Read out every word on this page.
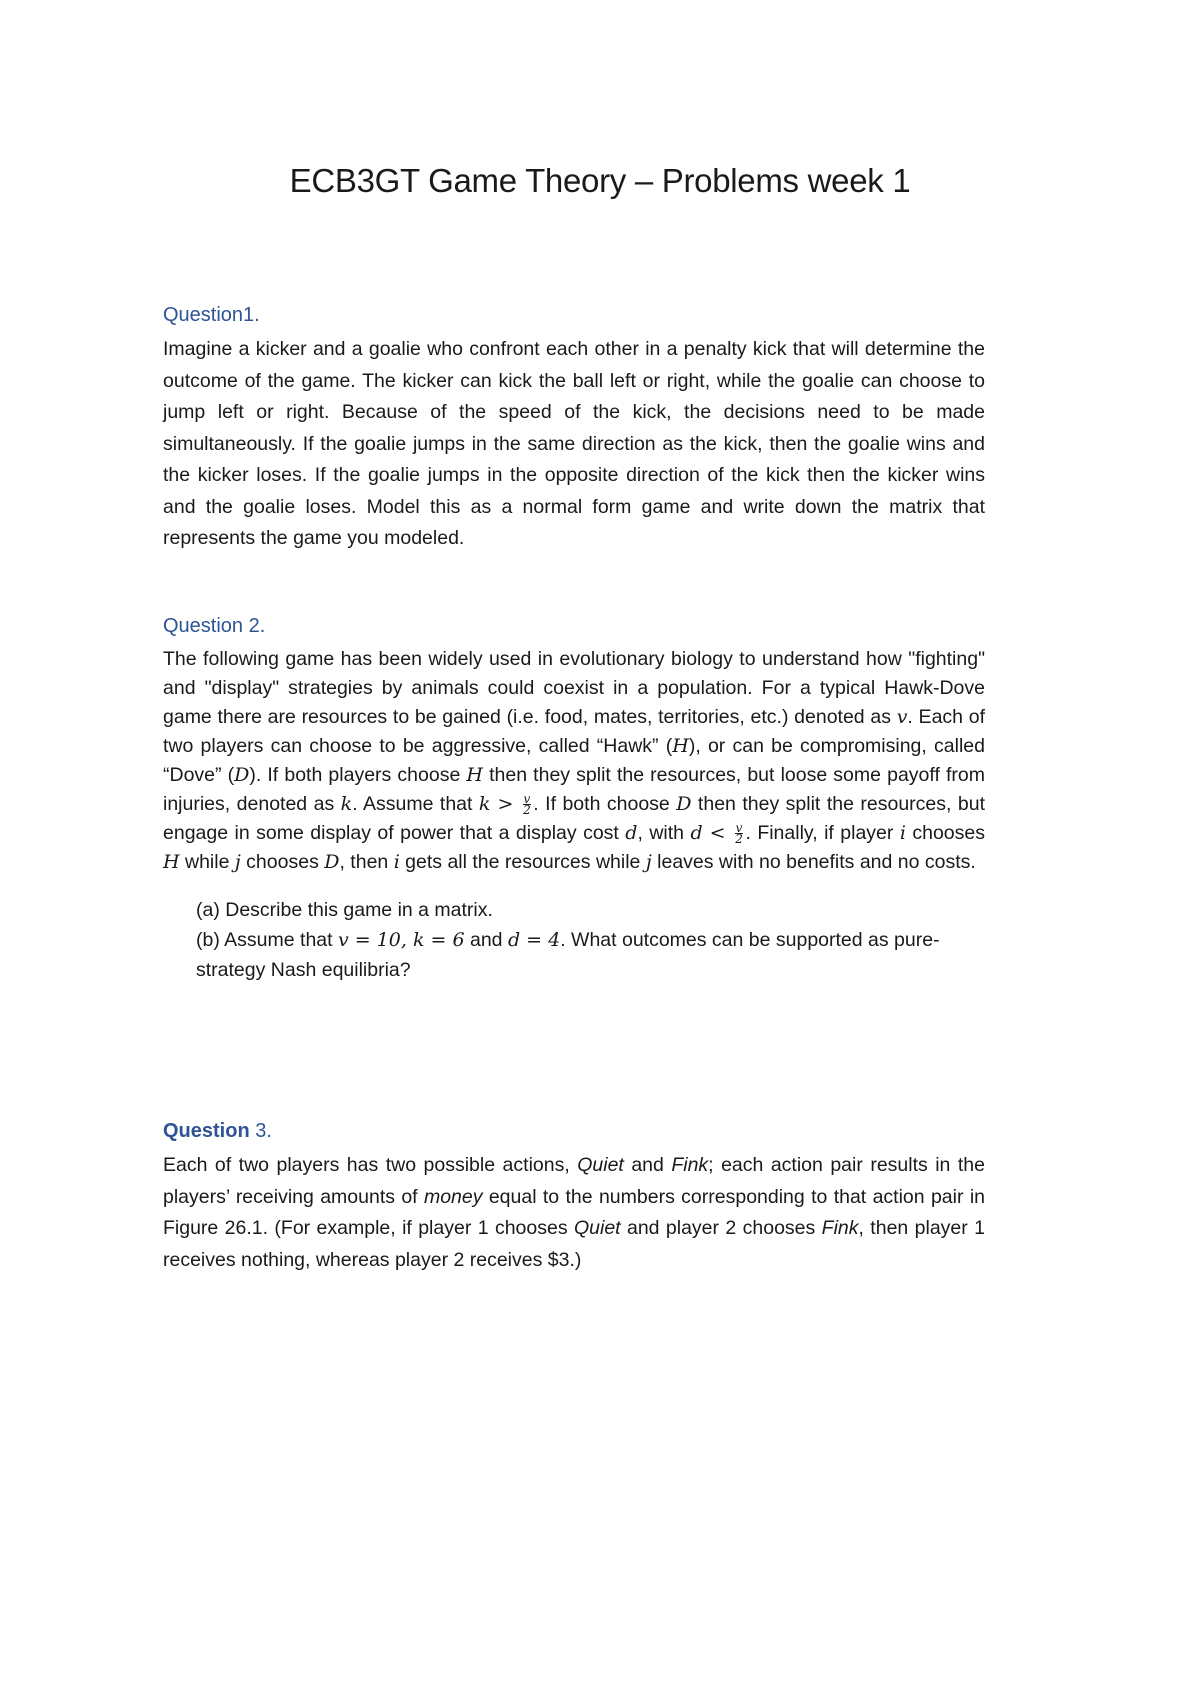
ECB3GT Game Theory – Problems week 1
Question1.

Imagine a kicker and a goalie who confront each other in a penalty kick that will determine the outcome of the game. The kicker can kick the ball left or right, while the goalie can choose to jump left or right. Because of the speed of the kick, the decisions need to be made simultaneously. If the goalie jumps in the same direction as the kick, then the goalie wins and the kicker loses. If the goalie jumps in the opposite direction of the kick then the kicker wins and the goalie loses. Model this as a normal form game and write down the matrix that represents the game you modeled.

Question 2.

The following game has been widely used in evolutionary biology to understand how "fighting" and "display" strategies by animals could coexist in a population. For a typical Hawk-Dove game there are resources to be gained (i.e. food, mates, territories, etc.) denoted as v. Each of two players can choose to be aggressive, called “Hawk” (H), or can be compromising, called “Dove” (D). If both players choose H then they split the resources, but loose some payoff from injuries, denoted as k. Assume that $k > \frac{v}{2}$ . If both choose D then they split the resources, but engage in some display of power that a display cost d, with $d < \frac{v}{2}$ . Finally, if player i chooses H while j chooses D, then i gets all the resources while j leaves with no benefits and no costs.

(a) Describe this game in a matrix.
(b) Assume that v = 10, k = 6 and d = 4. What outcomes can be supported as pure-strategy Nash equilibria?
Question 3.

Each of two players has two possible actions, Quiet and Fink; each action pair results in the players’ receiving amounts of money equal to the numbers corresponding to that action pair in Figure 26.1. (For example, if player 1 chooses Quiet and player 2 chooses Fink, then player 1 receives nothing, whereas player 2 receives $3.)
